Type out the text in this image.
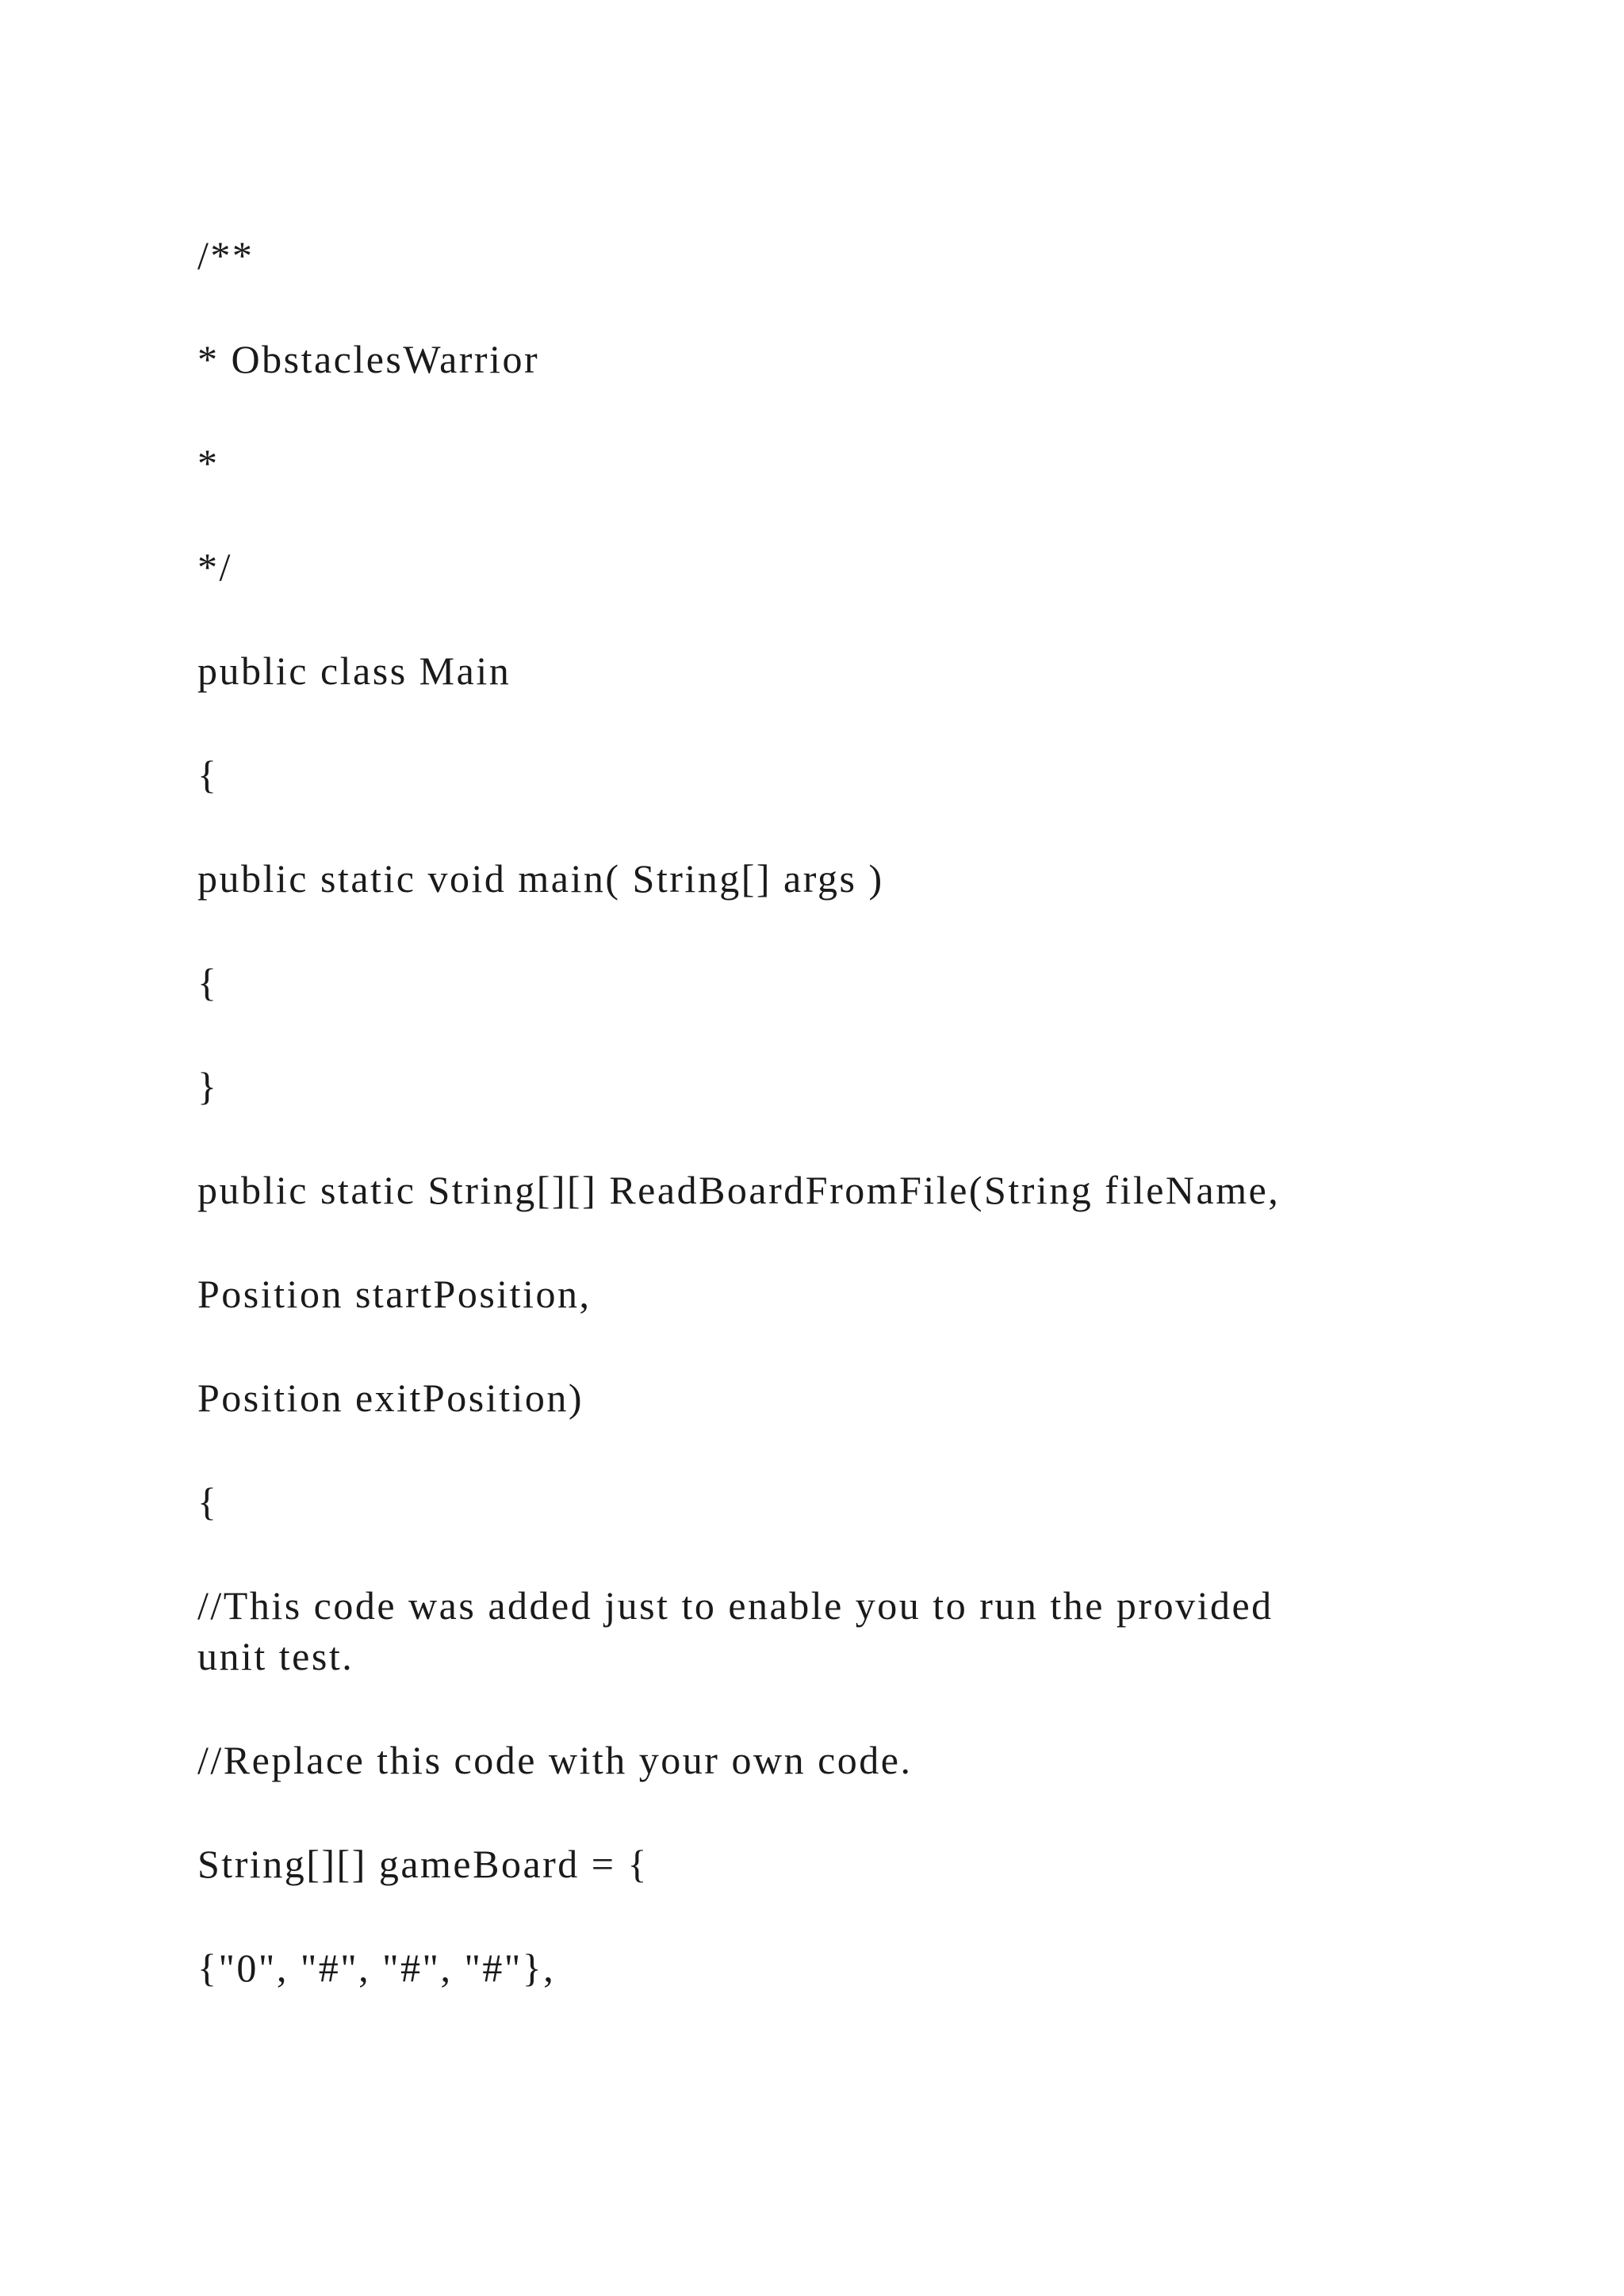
/**

* ObstaclesWarrior

*

*/

public class Main

{

public static void main( String[] args )

{

}

public static String[][] ReadBoardFromFile(String fileName,

Position startPosition,

Position exitPosition)

{

//This code was added just to enable you to run the provided
unit test.

//Replace this code with your own code.

String[][] gameBoard = {

{"0", "#", "#", "#"},
